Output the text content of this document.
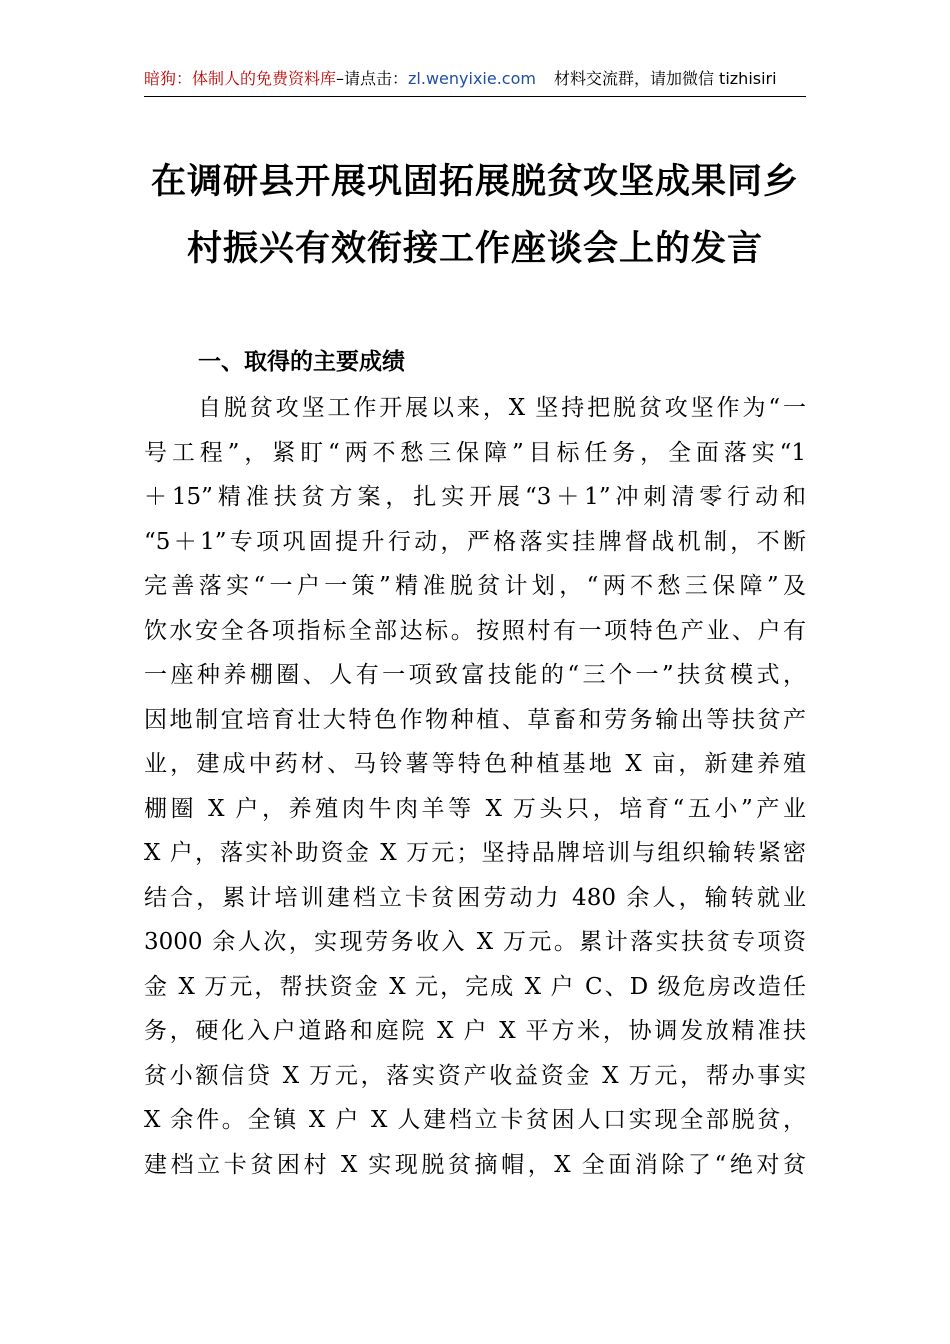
暗狗：体制人的免费资料库–请点击：zl.wenyixie.com 材料交流群，请加微信 tizhisiri
在调研县开展巩固拓展脱贫攻坚成果同乡
村振兴有效衔接工作座谈会上的发言
一、取得的主要成绩
自脱贫攻坚工作开展以来，X 坚持把脱贫攻坚作为“一
号工程”，紧盯“两不愁三保障”目标任务，全面落实“1
＋15”精准扶贫方案，扎实开展“3＋1”冲刺清零行动和
“5＋1”专项巩固提升行动，严格落实挂牌督战机制，不断
完善落实“一户一策”精准脱贫计划，“两不愁三保障”及
饮水安全各项指标全部达标。按照村有一项特色产业、户有
一座种养棚圈、人有一项致富技能的“三个一”扶贫模式，
因地制宜培育壮大特色作物种植、草畜和劳务输出等扶贫产
业，建成中药材、马铃薯等特色种植基地 X 亩，新建养殖
棚圈 X 户，养殖肉牛肉羊等 X 万头只，培育“五小”产业
X 户，落实补助资金 X 万元；坚持品牌培训与组织输转紧密
结合，累计培训建档立卡贫困劳动力 480 余人，输转就业
3000 余人次，实现劳务收入 X 万元。累计落实扶贫专项资
金 X 万元，帮扶资金 X 元，完成 X 户 C、D 级危房改造任
务，硬化入户道路和庭院 X 户 X 平方米，协调发放精准扶
贫小额信贷 X 万元，落实资产收益资金 X 万元，帮办事实
X 余件。全镇 X 户 X 人建档立卡贫困人口实现全部脱贫，
建档立卡贫困村 X 实现脱贫摘帽，X 全面消除了“绝对贫
